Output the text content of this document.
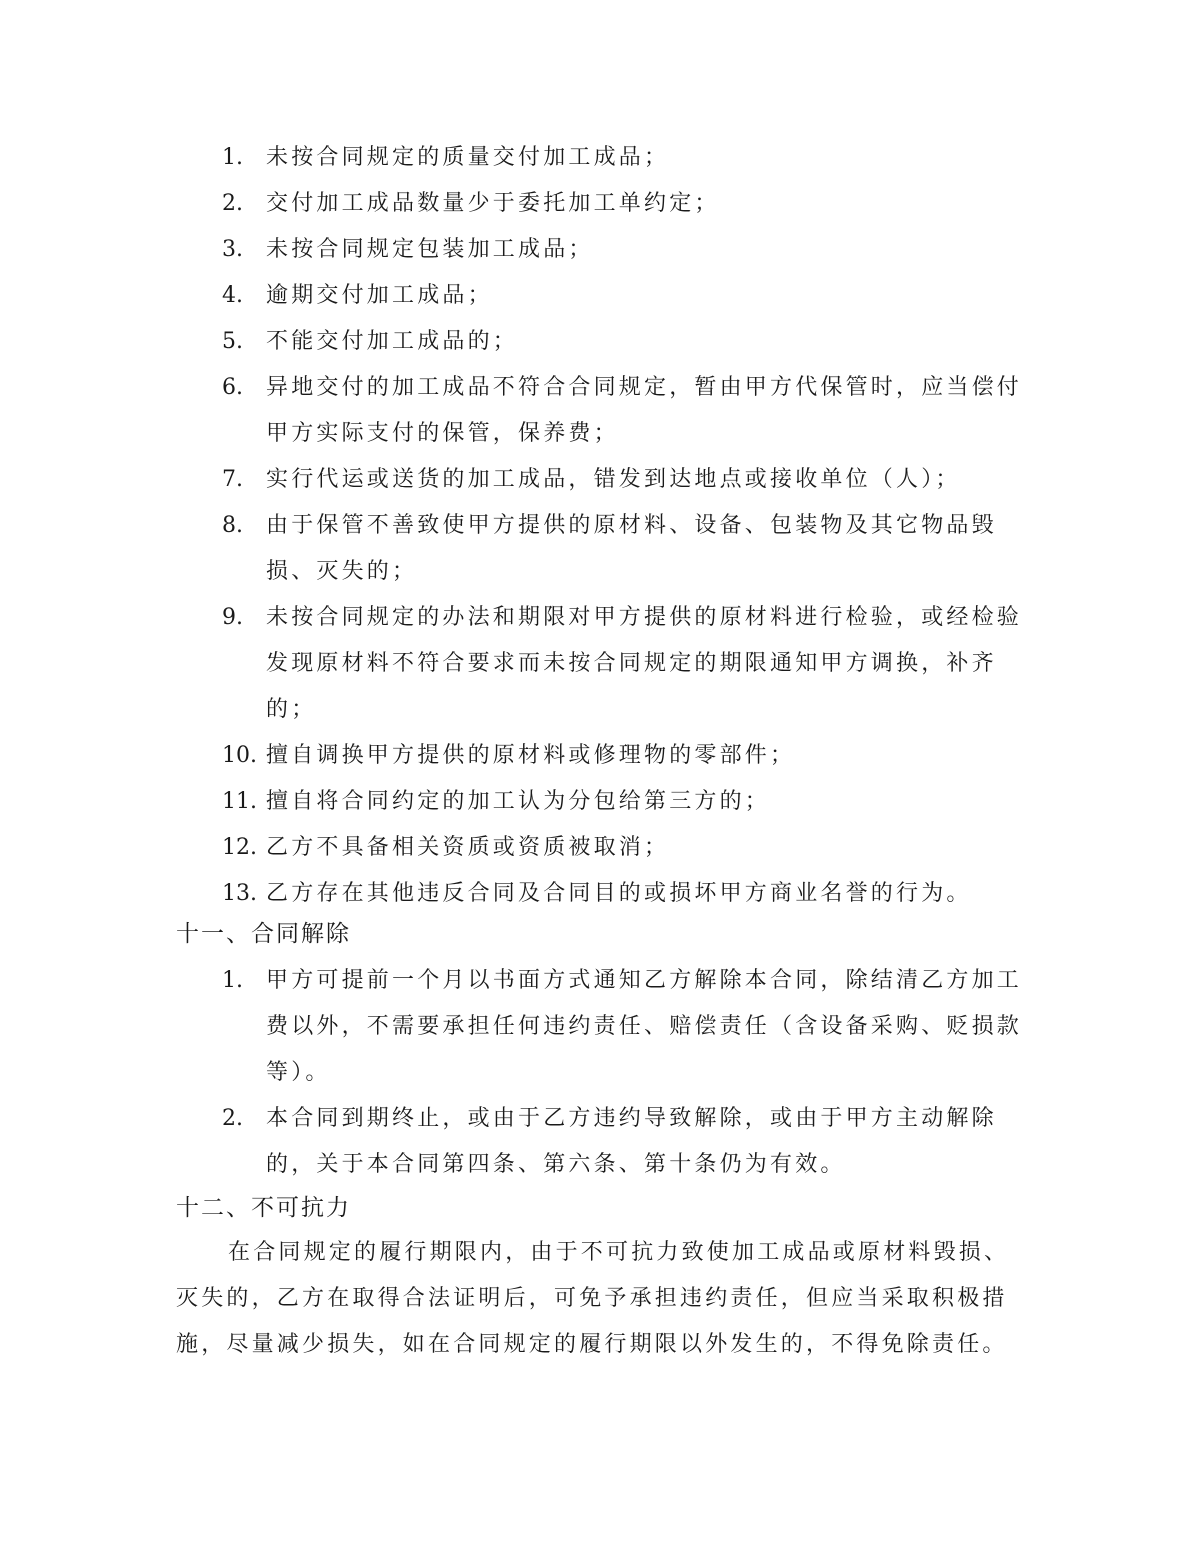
1. 未按合同规定的质量交付加工成品；
2. 交付加工成品数量少于委托加工单约定；
3. 未按合同规定包装加工成品；
4. 逾期交付加工成品；
5. 不能交付加工成品的；
6. 异地交付的加工成品不符合合同规定，暂由甲方代保管时，应当偿付甲方实际支付的保管，保养费；
7. 实行代运或送货的加工成品，错发到达地点或接收单位（人）；
8. 由于保管不善致使甲方提供的原材料、设备、包装物及其它物品毁损、灭失的；
9. 未按合同规定的办法和期限对甲方提供的原材料进行检验，或经检验发现原材料不符合要求而未按合同规定的期限通知甲方调换，补齐的；
10. 擅自调换甲方提供的原材料或修理物的零部件；
11. 擅自将合同约定的加工认为分包给第三方的；
12. 乙方不具备相关资质或资质被取消；
13. 乙方存在其他违反合同及合同目的或损坏甲方商业名誉的行为。
十一、合同解除
1. 甲方可提前一个月以书面方式通知乙方解除本合同，除结清乙方加工费以外，不需要承担任何违约责任、赔偿责任（含设备采购、贬损款等）。
2. 本合同到期终止，或由于乙方违约导致解除，或由于甲方主动解除的，关于本合同第四条、第六条、第十条仍为有效。
十二、不可抗力

在合同规定的履行期限内，由于不可抗力致使加工成品或原材料毁损、灭失的，乙方在取得合法证明后，可免予承担违约责任，但应当采取积极措施，尽量减少损失，如在合同规定的履行期限以外发生的，不得免除责任。
